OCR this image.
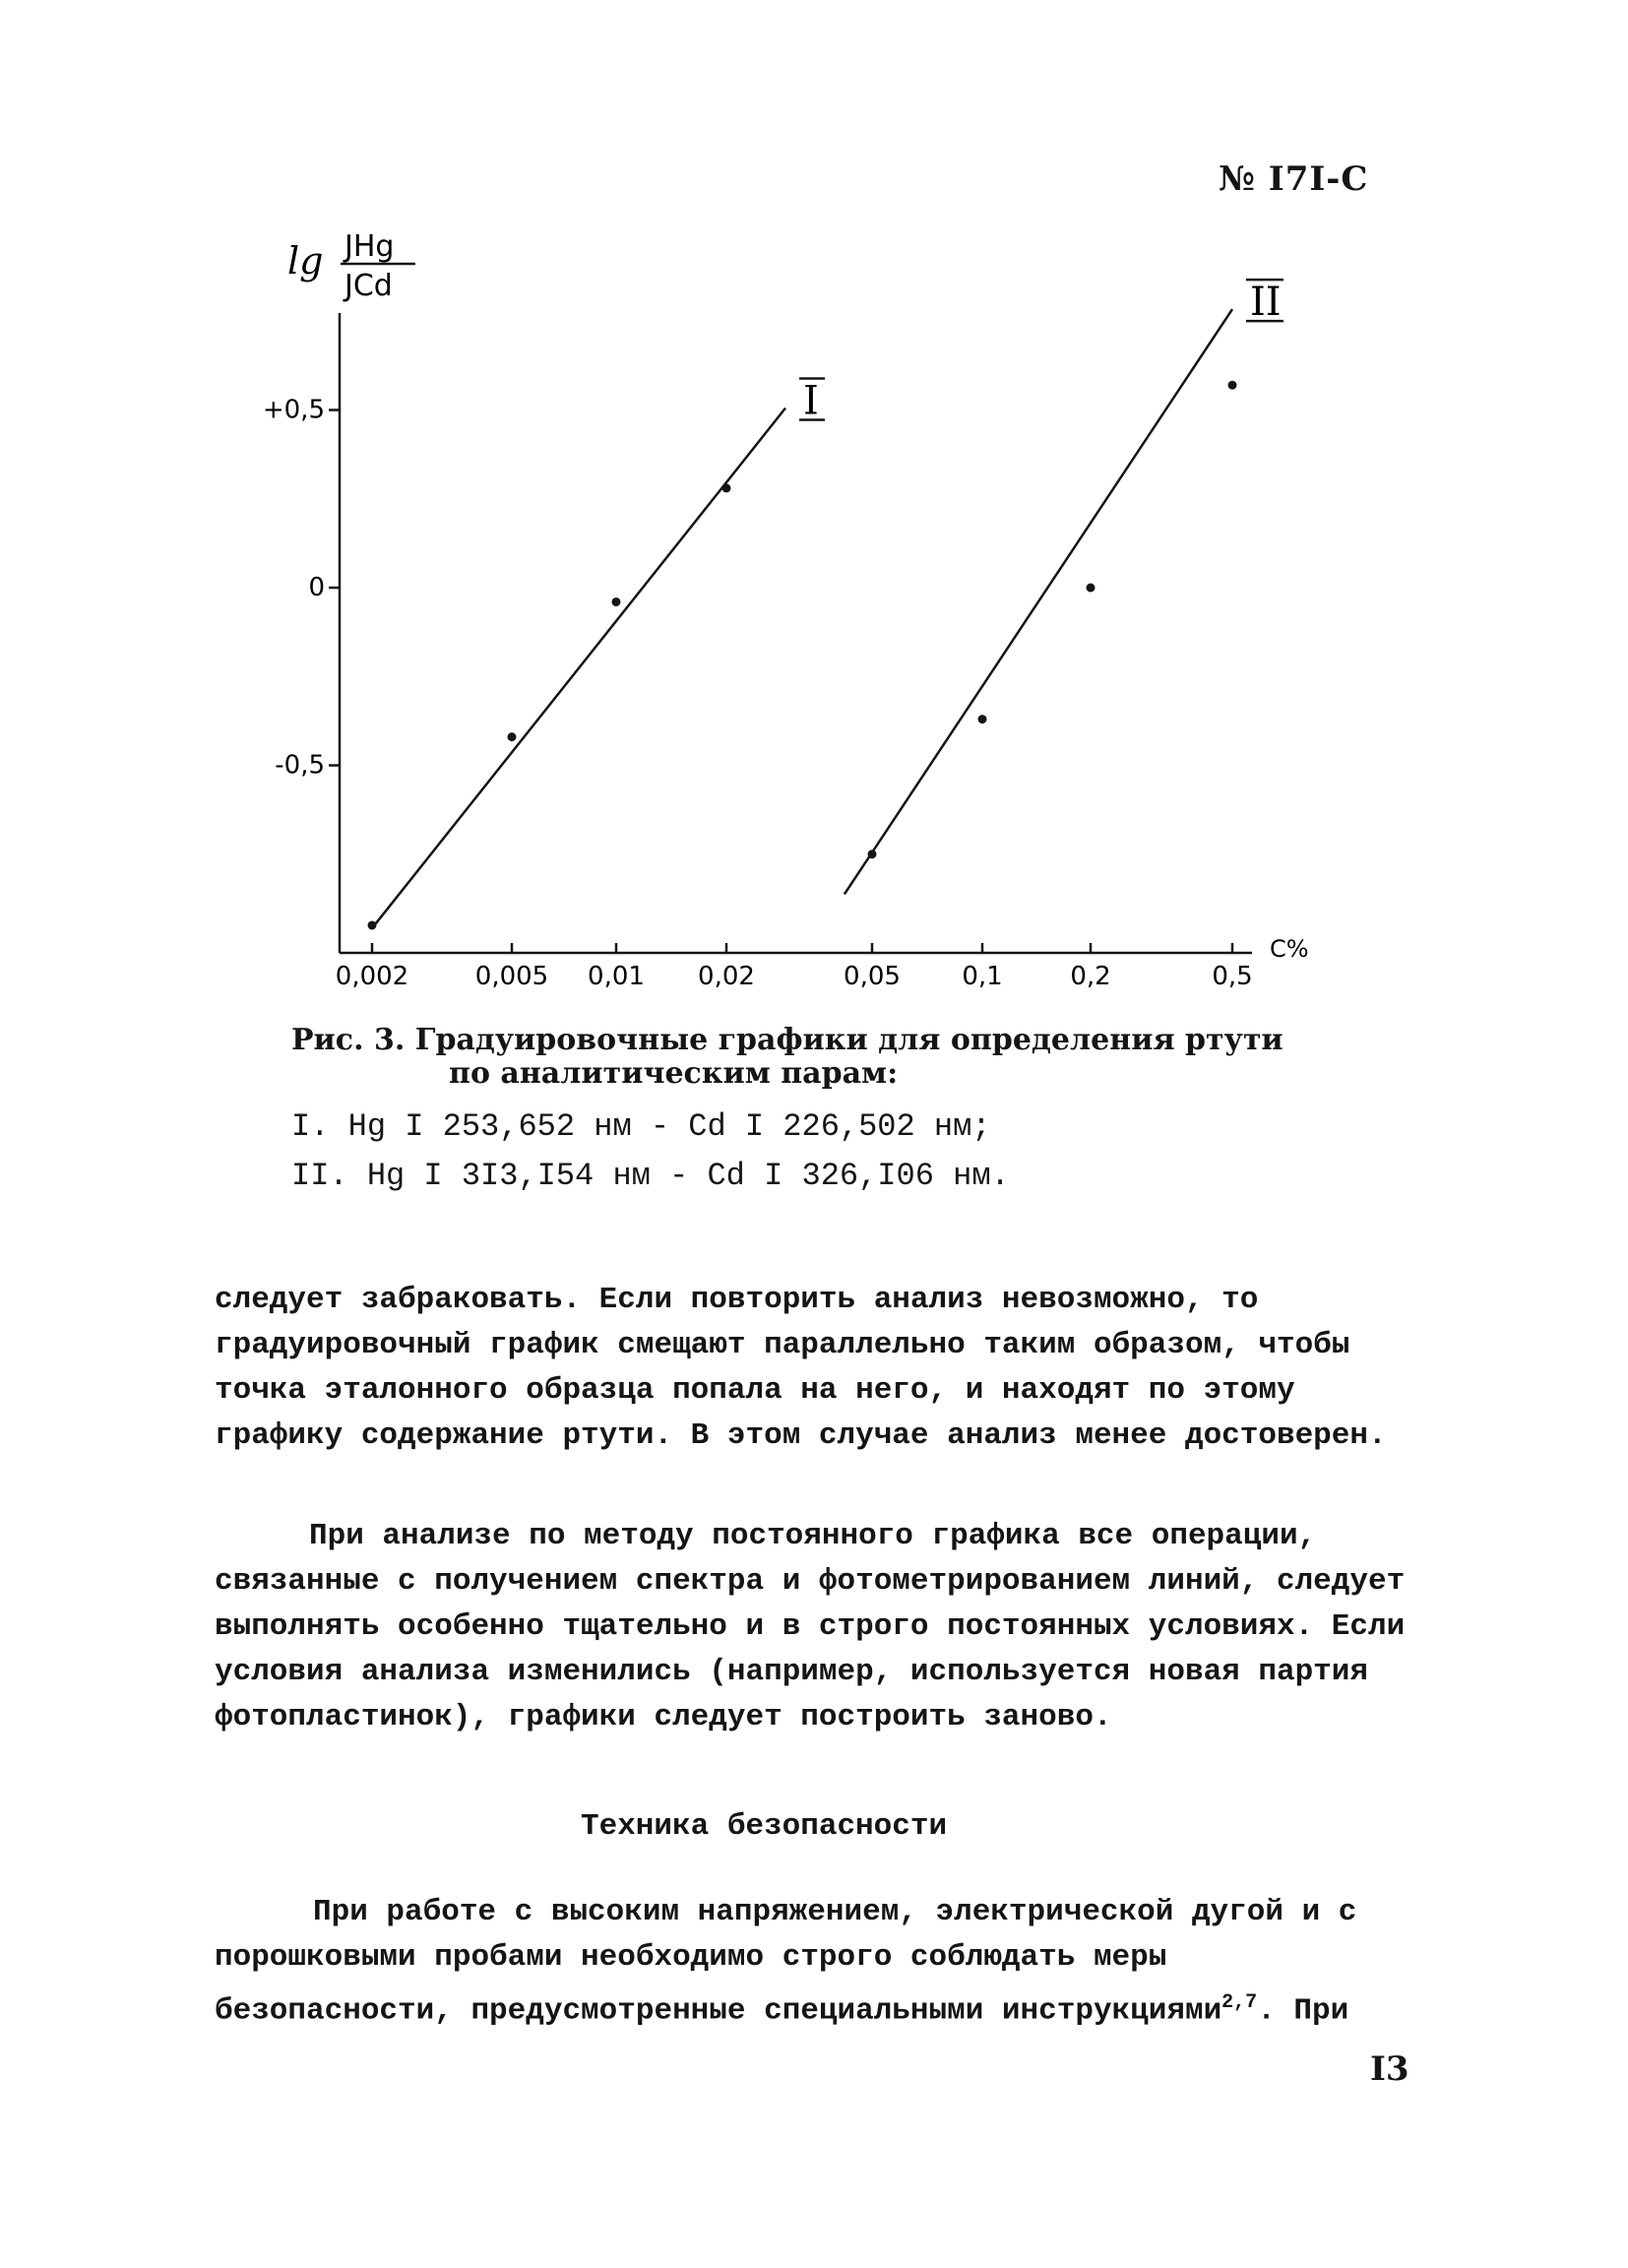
№ I7I-C
lg JHg
JCd
C%
+0,5
0
-0,5
0,002	0,005 0,01 0,02	0,05 0,1	0,2	0,5
I
II
Рис. 3. Градуировочные графики для определения ртути
по аналитическим парам:
I. Hg I 253,652 нм - Cd I 226,502 нм;
II. Hg I 3I3,I54 нм - Cd I 326,I06 нм.

следует забраковать. Если повторить анализ невозможно, то градуировочный график смещают параллельно таким образом, чтобы точка эталонного образца попала на него, и находят по этому графику содержание ртути. В этом случае анализ менее достоверен.

При анализе по методу постоянного графика все операции, связанные с получением спектра и фотометрированием линий, следует выполнять особенно тщательно и в строго постоянных условиях. Если условия анализа изменились (например, используется новая партия фотопластинок), графики следует построить заново.

Техника безопасности

При работе с высоким напряжением, электрической дугой и с порошковыми пробами необходимо строго соблюдать меры безопасности, предусмотренные специальными инструкциями$^{2,7}$. При

I3
